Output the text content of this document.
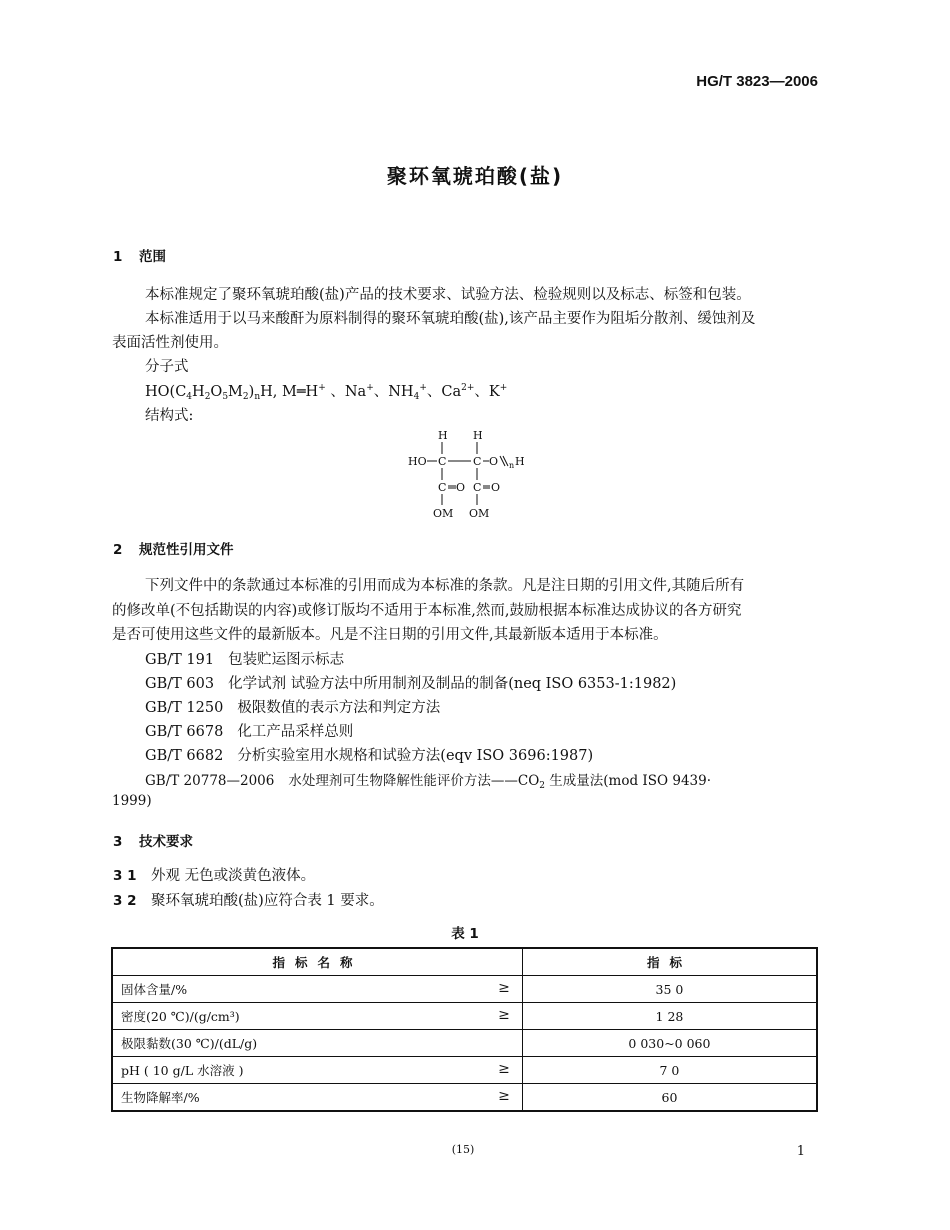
HG/T 3823—2006
聚环氧琥珀酸(盐)
1 范围
本标准规定了聚环氧琥珀酸(盐)产品的技术要求、试验方法、检验规则以及标志、标签和包装。
本标准适用于以马来酸酐为原料制得的聚环氧琥珀酸(盐),该产品主要作为阻垢分散剂、缓蚀剂及
表面活性剂使用。
分子式
$HO(C_4H_2O_5M_2)_nH$, M═H+ 、Na+、$NH_4^+$、$Ca^{2+}$、K+
结构式:
H H
HO C C O n H
C O C O
OM OM
2 规范性引用文件
下列文件中的条款通过本标准的引用而成为本标准的条款。凡是注日期的引用文件,其随后所有
的修改单(不包括勘误的内容)或修订版均不适用于本标准,然而,鼓励根据本标准达成协议的各方研究
是否可使用这些文件的最新版本。凡是不注日期的引用文件,其最新版本适用于本标准。
GB/T 191 包装贮运图示标志
GB/T 603 化学试剂 试验方法中所用制剂及制品的制备(neq ISO 6353-1:1982)
GB/T 1250 极限数值的表示方法和判定方法
GB/T 6678 化工产品采样总则
GB/T 6682 分析实验室用水规格和试验方法(eqv ISO 3696:1987)
GB/T 20778—2006 水处理剂可生物降解性能评价方法$——CO_2$ 生成量法(mod ISO 9439·
1999)
3 技术要求
3 1 外观 无色或淡黄色液体。
3 2 聚环氧琥珀酸(盐)应符合表 1 要求。
表 1
指标名称	指标

固体含量/% ≥	35 0

密度(20 ℃)/(g/cm³) ≥	1 28

极限黏数(30 ℃)/(dL/g)	0 030~0 060

pH ( 10 g/L 水溶液 ) ≥	7 0

生物降解率/% ≥	60
(15)	1
